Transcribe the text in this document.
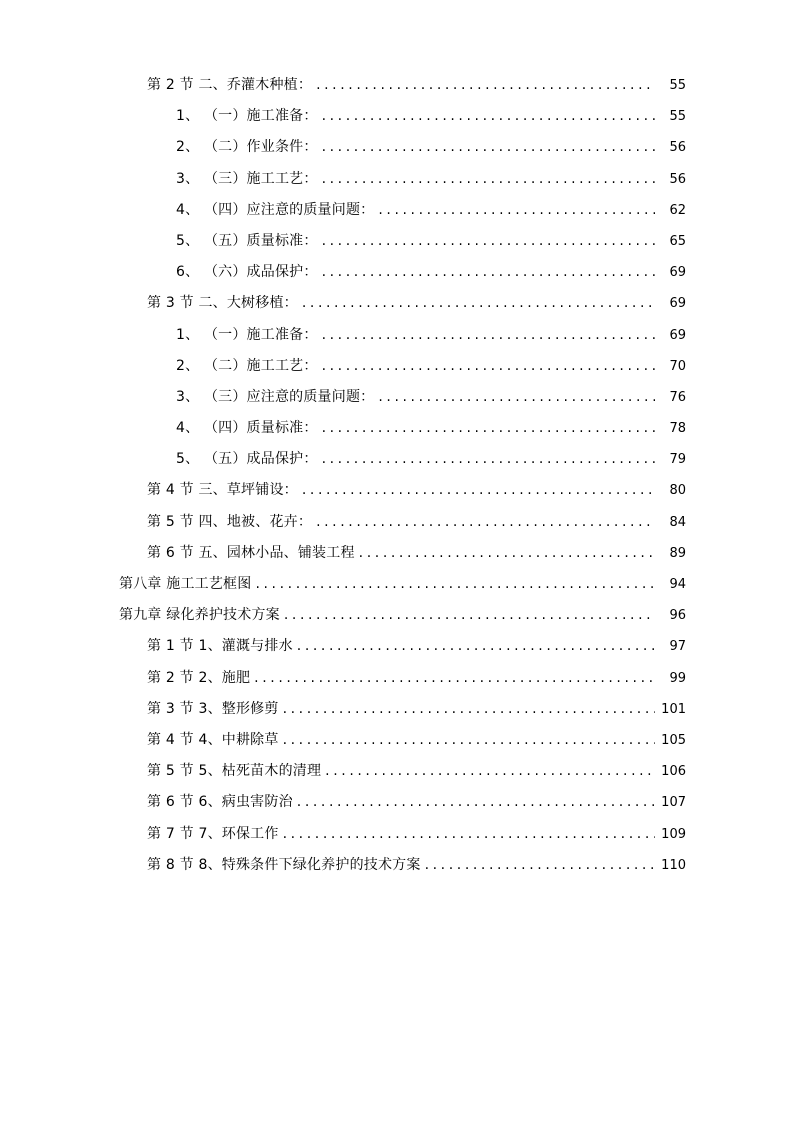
第 2 节 二、乔灌木种植： .....	55
1、 （一）施工准备： .....	55
2、 （二）作业条件： .....	56
3、 （三）施工工艺： .....	56
4、 （四）应注意的质量问题： .....	62
5、 （五）质量标准： .....	65
6、 （六）成品保护： .....	69
第 3 节 二、大树移植： .....	69
1、 （一）施工准备： .....	69
2、 （二）施工工艺： .....	70
3、 （三）应注意的质量问题： .....	76
4、 （四）质量标准： .....	78
5、 （五）成品保护： .....	79
第 4 节 三、草坪铺设： .....	80
第 5 节 四、地被、花卉： .....	84
第 6 节 五、园林小品、铺装工程 .....	89
第八章 施工工艺框图 .....	94
第九章 绿化养护技术方案 .....	96
第 1 节 1、灌溉与排水 .....	97
第 2 节 2、施肥 .....	99
第 3 节 3、整形修剪 .....	101
第 4 节 4、中耕除草 .....	105
第 5 节 5、枯死苗木的清理 .....	106
第 6 节 6、病虫害防治 .....	107
第 7 节 7、环保工作 .....	109
第 8 节 8、特殊条件下绿化养护的技术方案 .....	110
